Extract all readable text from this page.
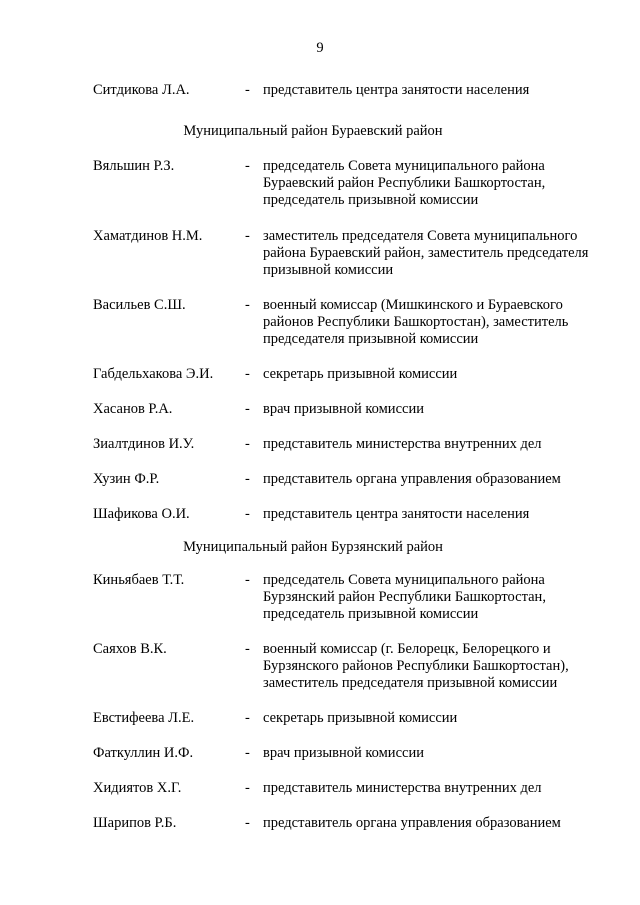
9
Ситдикова Л.А.	- представитель центра занятости населения
Муниципальный район Бураевский район
Вяльшин Р.З.	- председатель Совета муниципального района Бураевский район Республики Башкортостан, председатель призывной комиссии
Хаматдинов Н.М.	- заместитель председателя Совета муниципального района Бураевский район, заместитель председателя призывной комиссии
Васильев С.Ш.	- военный комиссар (Мишкинского и Бураевского районов Республики Башкортостан), заместитель председателя призывной комиссии
Габдельхакова Э.И.	- секретарь призывной комиссии
Хасанов Р.А.	- врач призывной комиссии
Зиалтдинов И.У.	- представитель министерства внутренних дел
Хузин Ф.Р.	- представитель органа управления образованием
Шафикова О.И.	- представитель центра занятости населения
Муниципальный район Бурзянский район
Киньябаев Т.Т.	- председатель Совета муниципального района Бурзянский район Республики Башкортостан, председатель призывной комиссии
Саяхов В.К.	- военный комиссар (г. Белорецк, Белорецкого и Бурзянского районов Республики Башкортостан), заместитель председателя призывной комиссии
Евстифеева Л.Е.	- секретарь призывной комиссии
Фаткуллин И.Ф.	- врач призывной комиссии
Хидиятов Х.Г.	- представитель министерства внутренних дел
Шарипов Р.Б.	- представитель органа управления образованием
